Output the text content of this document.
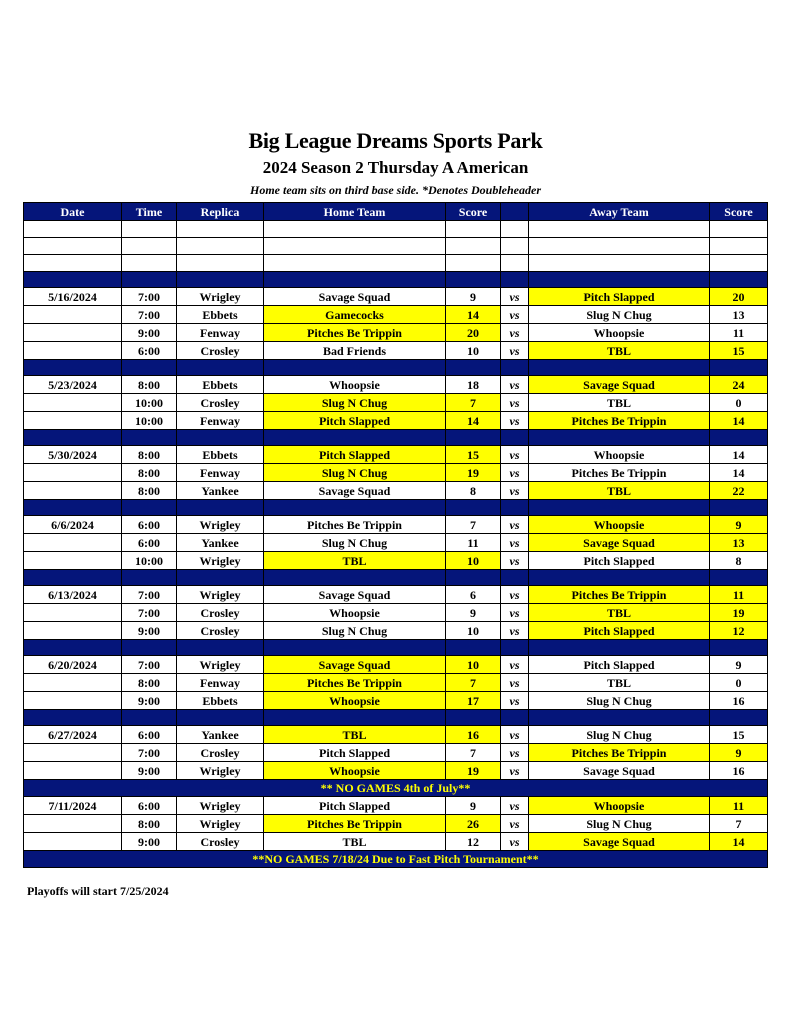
Big League Dreams Sports Park
2024 Season 2 Thursday A American
Home team sits on third base side. *Denotes Doubleheader
Date	Time	Replica	Home Team	Score		Away Team	Score

5/16/2024	7:00	Wrigley	Savage Squad	9	vs	Pitch Slapped	20
	7:00	Ebbets	Gamecocks	14	vs	Slug N Chug	13
	9:00	Fenway	Pitches Be Trippin	20	vs	Whoopsie	11
	6:00	Crosley	Bad Friends	10	vs	TBL	15

5/23/2024	8:00	Ebbets	Whoopsie	18	vs	Savage Squad	24
	10:00	Crosley	Slug N Chug	7	vs	TBL	0
	10:00	Fenway	Pitch Slapped	14	vs	Pitches Be Trippin	14

5/30/2024	8:00	Ebbets	Pitch Slapped	15	vs	Whoopsie	14
	8:00	Fenway	Slug N Chug	19	vs	Pitches Be Trippin	14
	8:00	Yankee	Savage Squad	8	vs	TBL	22

6/6/2024	6:00	Wrigley	Pitches Be Trippin	7	vs	Whoopsie	9
	6:00	Yankee	Slug N Chug	11	vs	Savage Squad	13
	10:00	Wrigley	TBL	10	vs	Pitch Slapped	8

6/13/2024	7:00	Wrigley	Savage Squad	6	vs	Pitches Be Trippin	11
	7:00	Crosley	Whoopsie	9	vs	TBL	19
	9:00	Crosley	Slug N Chug	10	vs	Pitch Slapped	12

6/20/2024	7:00	Wrigley	Savage Squad	10	vs	Pitch Slapped	9
	8:00	Fenway	Pitches Be Trippin	7	vs	TBL	0
	9:00	Ebbets	Whoopsie	17	vs	Slug N Chug	16

6/27/2024	6:00	Yankee	TBL	16	vs	Slug N Chug	15
	7:00	Crosley	Pitch Slapped	7	vs	Pitches Be Trippin	9
	9:00	Wrigley	Whoopsie	19	vs	Savage Squad	16
** NO GAMES 4th of July**							
7/11/2024	6:00	Wrigley	Pitch Slapped	9	vs	Whoopsie	11
	8:00	Wrigley	Pitches Be Trippin	26	vs	Slug N Chug	7
	9:00	Crosley	TBL	12	vs	Savage Squad	14
**NO GAMES 7/18/24 Due to Fast Pitch Tournament**							
Playoffs will start 7/25/2024
